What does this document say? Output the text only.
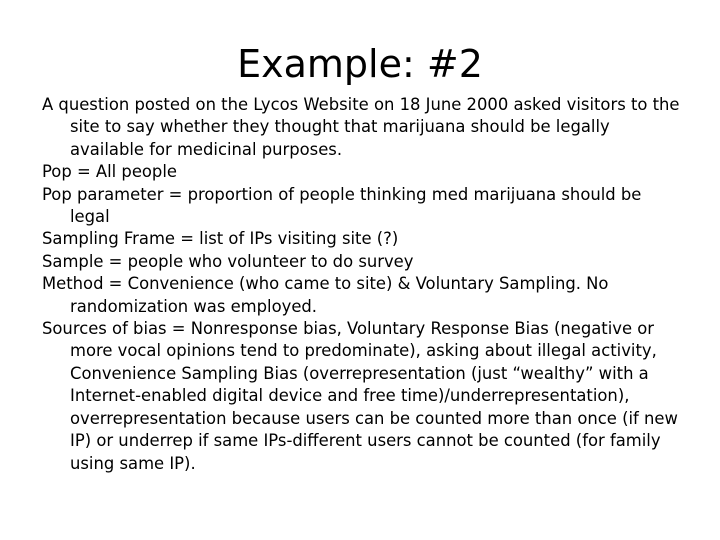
Example: #2

A question posted on the Lycos Website on 18 June 2000 asked visitors to the site to say whether they thought that marijuana should be legally available for medicinal purposes.

Pop = All people

Pop parameter = proportion of people thinking med marijuana should be legal

Sampling Frame = list of IPs visiting site (?)

Sample = people who volunteer to do survey

Method = Convenience (who came to site) & Voluntary Sampling. No randomization was employed.

Sources of bias = Nonresponse bias, Voluntary Response Bias (negative or more vocal opinions tend to predominate), asking about illegal activity, Convenience Sampling Bias (overrepresentation (just “wealthy” with a Internet-enabled digital device and free time)/underrepresentation), overrepresentation because users can be counted more than once (if new IP) or underrep if same IPs-different users cannot be counted (for family using same IP).
